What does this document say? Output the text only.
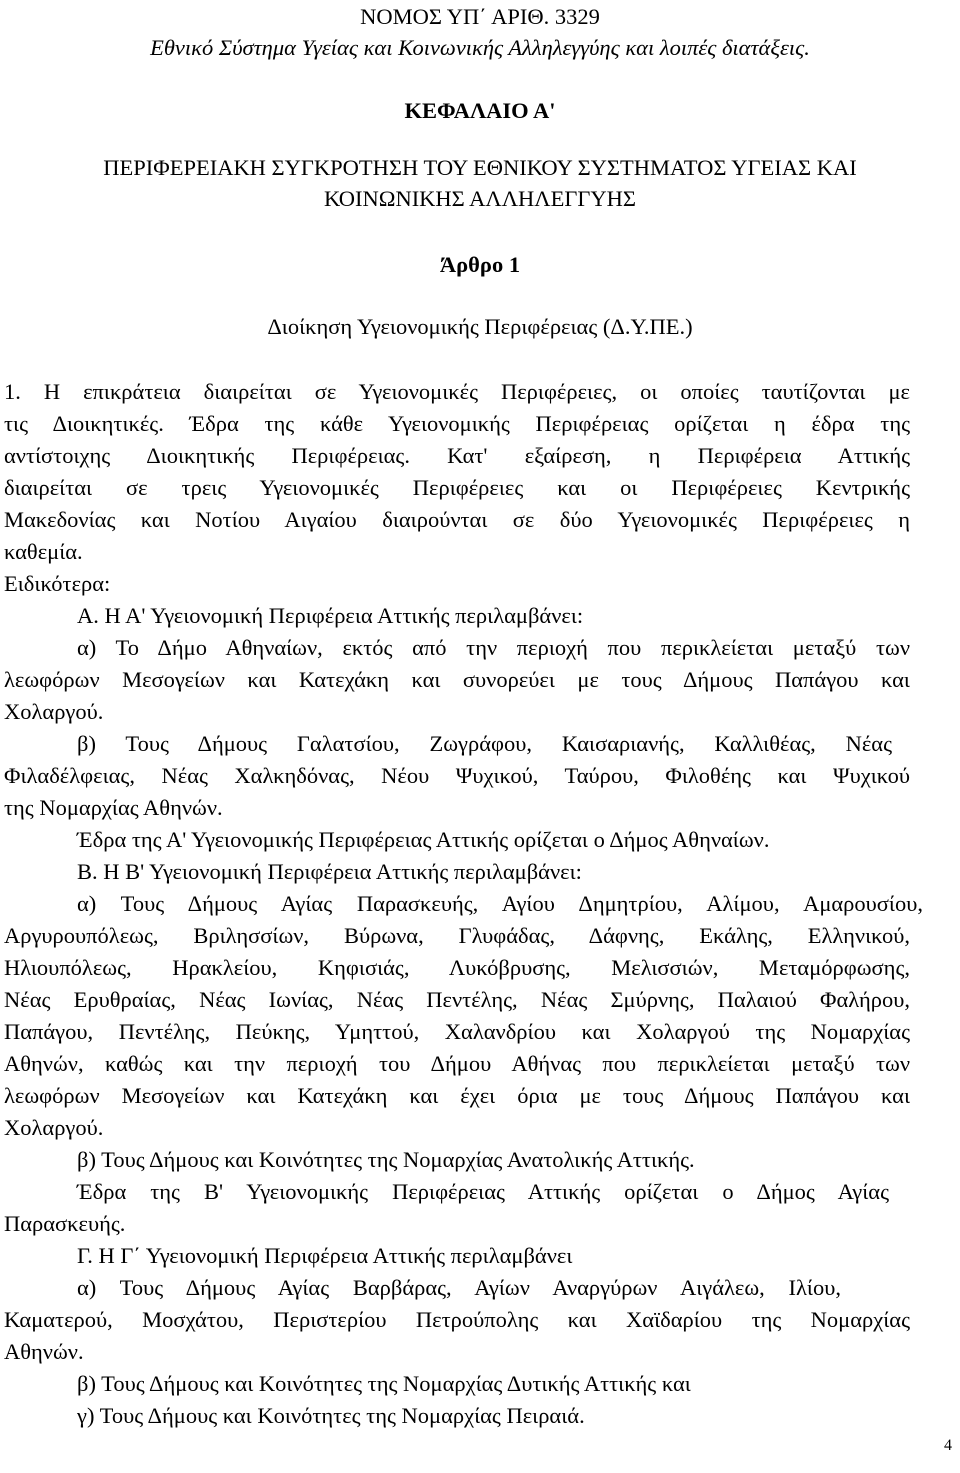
ΝΟΜΟΣ ΥΠ΄ ΑΡΙΘ. 3329
Εθνικό Σύστημα Υγείας και Κοινωνικής Αλληλεγγύης και λοιπές διατάξεις.
ΚΕΦΑΛΑΙΟ Α'
ΠΕΡΙΦΕΡΕΙΑΚΗ ΣΥΓΚΡΟΤΗΣΗ ΤΟΥ ΕΘΝΙΚΟΥ ΣΥΣΤΗΜΑΤΟΣ ΥΓΕΙΑΣ ΚΑΙ
ΚΟΙΝΩΝΙΚΗΣ ΑΛΛΗΛΕΓΓΥΗΣ
Άρθρο 1
Διοίκηση Υγειονομικής Περιφέρειας (Δ.Υ.ΠΕ.)
1. Η επικράτεια διαιρείται σε Υγειονομικές Περιφέρειες, οι οποίες ταυτίζονται με
τις Διοικητικές. Έδρα της κάθε Υγειονομικής Περιφέρειας ορίζεται η έδρα της
αντίστοιχης Διοικητικής Περιφέρειας. Κατ' εξαίρεση, η Περιφέρεια Αττικής
διαιρείται σε τρεις Υγειονομικές Περιφέρειες και οι Περιφέρειες Κεντρικής
Μακεδονίας και Νοτίου Αιγαίου διαιρούνται σε δύο Υγειονομικές Περιφέρειες η
καθεμία.
Ειδικότερα:
Α. Η Α' Υγειονομική Περιφέρεια Αττικής περιλαμβάνει:
α) Το Δήμο Αθηναίων, εκτός από την περιοχή που περικλείεται μεταξύ των
λεωφόρων Μεσογείων και Κατεχάκη και συνορεύει με τους Δήμους Παπάγου και
Χολαργού.
β) Τους Δήμους Γαλατσίου, Ζωγράφου, Καισαριανής, Καλλιθέας, Νέας
Φιλαδέλφειας, Νέας Χαλκηδόνας, Νέου Ψυχικού, Ταύρου, Φιλοθέης και Ψυχικού
της Νομαρχίας Αθηνών.
Έδρα της Α' Υγειονομικής Περιφέρειας Αττικής ορίζεται ο Δήμος Αθηναίων.
Β. Η Β' Υγειονομική Περιφέρεια Αττικής περιλαμβάνει:
α) Τους Δήμους Αγίας Παρασκευής, Αγίου Δημητρίου, Αλίμου, Αμαρουσίου,
Αργυρουπόλεως, Βριλησσίων, Βύρωνα, Γλυφάδας, Δάφνης, Εκάλης, Ελληνικού,
Ηλιουπόλεως, Ηρακλείου, Κηφισιάς, Λυκόβρυσης, Μελισσιών, Μεταμόρφωσης,
Νέας Ερυθραίας, Νέας Ιωνίας, Νέας Πεντέλης, Νέας Σμύρνης, Παλαιού Φαλήρου,
Παπάγου, Πεντέλης, Πεύκης, Υμηττού, Χαλανδρίου και Χολαργού της Νομαρχίας
Αθηνών, καθώς και την περιοχή του Δήμου Αθήνας που περικλείεται μεταξύ των
λεωφόρων Μεσογείων και Κατεχάκη και έχει όρια με τους Δήμους Παπάγου και
Χολαργού.
β) Τους Δήμους και Κοινότητες της Νομαρχίας Ανατολικής Αττικής.
Έδρα της Β' Υγειονομικής Περιφέρειας Αττικής ορίζεται ο Δήμος Αγίας
Παρασκευής.
Γ. Η Γ΄ Υγειονομική Περιφέρεια Αττικής περιλαμβάνει
α) Τους Δήμους Αγίας Βαρβάρας, Αγίων Αναργύρων Αιγάλεω, Ιλίου,
Καματερού, Μοσχάτου, Περιστερίου Πετρούπολης και Χαϊδαρίου της Νομαρχίας
Αθηνών.
β) Τους Δήμους και Κοινότητες της Νομαρχίας Δυτικής Αττικής και
γ) Τους Δήμους και Κοινότητες της Νομαρχίας Πειραιά.
4
